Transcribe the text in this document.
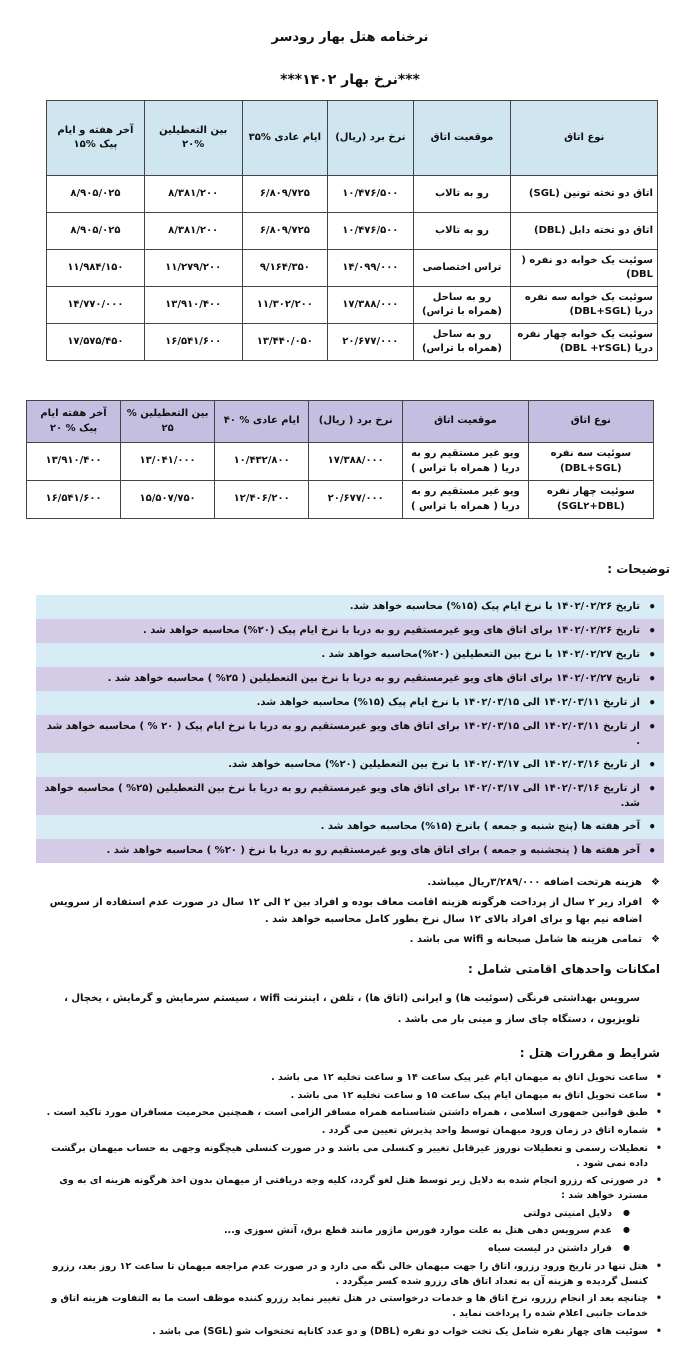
نرخنامه هتل بهار رودسر
***نرخ بهار ۱۴۰۲***
نوع اتاق	موقعیت اتاق	نرخ برد (ریال)	ایام عادی %۳۵	بین التعطیلین %۲۰	آخر هفته و ایام پیک %۱۵
اتاق دو تخته تونین (SGL)	رو به تالاب	۱۰/۴۷۶/۵۰۰	۶/۸۰۹/۷۲۵	۸/۳۸۱/۲۰۰	۸/۹۰۵/۰۲۵
اتاق دو تخته دابل (DBL)	رو به تالاب	۱۰/۴۷۶/۵۰۰	۶/۸۰۹/۷۲۵	۸/۳۸۱/۲۰۰	۸/۹۰۵/۰۲۵
سوئیت یک خوابه دو نفره ( DBL)	تراس اختصاصی	۱۴/۰۹۹/۰۰۰	۹/۱۶۴/۳۵۰	۱۱/۲۷۹/۲۰۰	۱۱/۹۸۴/۱۵۰
سوئیت یک خوابه سه نفره دریا (DBL+SGL)	رو به ساحل (همراه با تراس)	۱۷/۳۸۸/۰۰۰	۱۱/۳۰۲/۲۰۰	۱۳/۹۱۰/۴۰۰	۱۴/۷۷۰/۰۰۰
سوئیت یک خوابه چهار نفره دریا (DBL +۲SGL)	رو به ساحل (همراه با تراس)	۲۰/۶۷۷/۰۰۰	۱۳/۴۴۰/۰۵۰	۱۶/۵۴۱/۶۰۰	۱۷/۵۷۵/۴۵۰
نوع اتاق	موقعیت اتاق	نرخ برد ( ریال)	ایام عادی % ۴۰	بین التعطیلین % ۲۵	آخر هفته ایام پیک % ۲۰
سوئیت سه نفره (DBL+SGL)	ویو غیر مستقیم رو به دریا ( همراه با تراس )	۱۷/۳۸۸/۰۰۰	۱۰/۴۳۲/۸۰۰	۱۳/۰۴۱/۰۰۰	۱۳/۹۱۰/۴۰۰
سوئیت چهار نفره (SGL۲+DBL)	ویو غیر مستقیم رو به دریا ( همراه با تراس )	۲۰/۶۷۷/۰۰۰	۱۲/۴۰۶/۲۰۰	۱۵/۵۰۷/۷۵۰	۱۶/۵۴۱/۶۰۰
توضیحات :
• تاریخ ۱۴۰۲/۰۲/۲۶ با نرخ ایام پیک (۱۵%) محاسبه خواهد شد.
• تاریخ ۱۴۰۲/۰۲/۲۶ برای اتاق های ویو غیرمستقیم رو به دریا با نرخ ایام پیک (۲۰%) محاسبه خواهد شد .
• تاریخ ۱۴۰۲/۰۲/۲۷ با نرخ بین التعطیلین (۲۰%)محاسبه خواهد شد .
• تاریخ ۱۴۰۲/۰۲/۲۷ برای اتاق های ویو غیرمستقیم رو به دریا با نرخ بین التعطیلین ( ۲۵% ) محاسبه خواهد شد .
• از تاریخ ۱۴۰۲/۰۳/۱۱ الی ۱۴۰۲/۰۳/۱۵ با نرخ ایام پیک (۱۵%) محاسبه خواهد شد.
• از تاریخ ۱۴۰۲/۰۳/۱۱ الی ۱۴۰۲/۰۳/۱۵ برای اتاق های ویو غیرمستقیم رو به دریا با نرخ ایام پیک ( ۲۰ % ) محاسبه خواهد شد .
• از تاریخ ۱۴۰۲/۰۳/۱۶ الی ۱۴۰۲/۰۳/۱۷ با نرخ بین التعطیلین (۲۰%) محاسبه خواهد شد.
• از تاریخ ۱۴۰۲/۰۳/۱۶ الی ۱۴۰۲/۰۳/۱۷ برای اتاق های ویو غیرمستقیم رو به دریا با نرخ بین التعطیلین (۲۵% ) محاسبه خواهد شد.
• آخر هفته ها (پنج شنبه و جمعه ) بانرخ (۱۵%) محاسبه خواهد شد .
• آخر هفته ها ( پنجشنبه و جمعه ) برای اتاق های ویو غیرمستقیم رو به دریا با نرخ ( ۲۰% ) محاسبه خواهد شد .
❖ هزینه هرتخت اضافه ۳/۲۸۹/۰۰۰ریال میباشد.
❖ افراد زیر ۲ سال از پرداخت هرگونه هزینه اقامت معاف بوده و افراد بین ۲ الی ۱۲ سال در صورت عدم استفاده از سرویس اضافه نیم بها و برای افراد بالای ۱۲ سال نرخ بطور کامل محاسبه خواهد شد .
❖ تمامی هزینه ها شامل صبحانه و wifi می باشد .
امکانات واحدهای اقامتی شامل :
سرویس بهداشتی فرنگی (سوئیت ها) و ایرانی (اتاق ها) ، تلفن ، اینترنت wifi ، سیستم سرمایش و گرمایش ، یخچال ، تلویزیون ، دستگاه چای ساز و مینی بار می باشد .
شرایط و مقررات هتل :
• ساعت تحویل اتاق به میهمان ایام غیر پیک ساعت ۱۴ و ساعت تخلیه ۱۲ می باشد .
• ساعت تحویل اتاق به میهمان ایام پیک ساعت ۱۵ و ساعت تخلیه ۱۲ می باشد .
• طبق قوانین جمهوری اسلامی ، همراه داشتن شناسنامه همراه مسافر الزامی است ، همچنین محرمیت مسافران مورد تاکید است .
• شماره اتاق در زمان ورود میهمان توسط واحد پذیرش تعیین می گردد .
• تعطیلات رسمی و تعطیلات نوروز غیرقابل تغییر و کنسلی می باشد و در صورت کنسلی هیچگونه وجهی به حساب میهمان برگشت داده نمی شود .
• در صورتی که رزرو انجام شده به دلایل زیر توسط هتل لغو گردد، کلیه وجه دریافتی از میهمان بدون اخذ هرگونه هزینه ای به وی مسترد خواهد شد :
● دلایل امنیتی دولتی
● عدم سرویس دهی هتل به علت موارد فورس ماژور مانند قطع برق، آتش سوزی و...
● قرار داشتن در لیست سیاه
• هتل تنها در تاریخ ورود رزرو، اتاق را جهت میهمان خالی نگه می دارد و در صورت عدم مراجعه میهمان تا ساعت ۱۲ روز بعد، رزرو کنسل گردیده و هزینه آن به تعداد اتاق های رزرو شده کسر میگردد .
• چنانچه بعد از انجام رزرو، نرخ اتاق ها و خدمات درخواستی در هتل تغییر نماید رزرو کننده موظف است ما به التفاوت هزینه اتاق و خدمات جانبی اعلام شده را پرداخت نماید .
• سوئیت های چهار نفره شامل یک تخت خواب دو نفره (DBL) و دو عدد کاناپه تختخواب شو (SGL) می باشد .
